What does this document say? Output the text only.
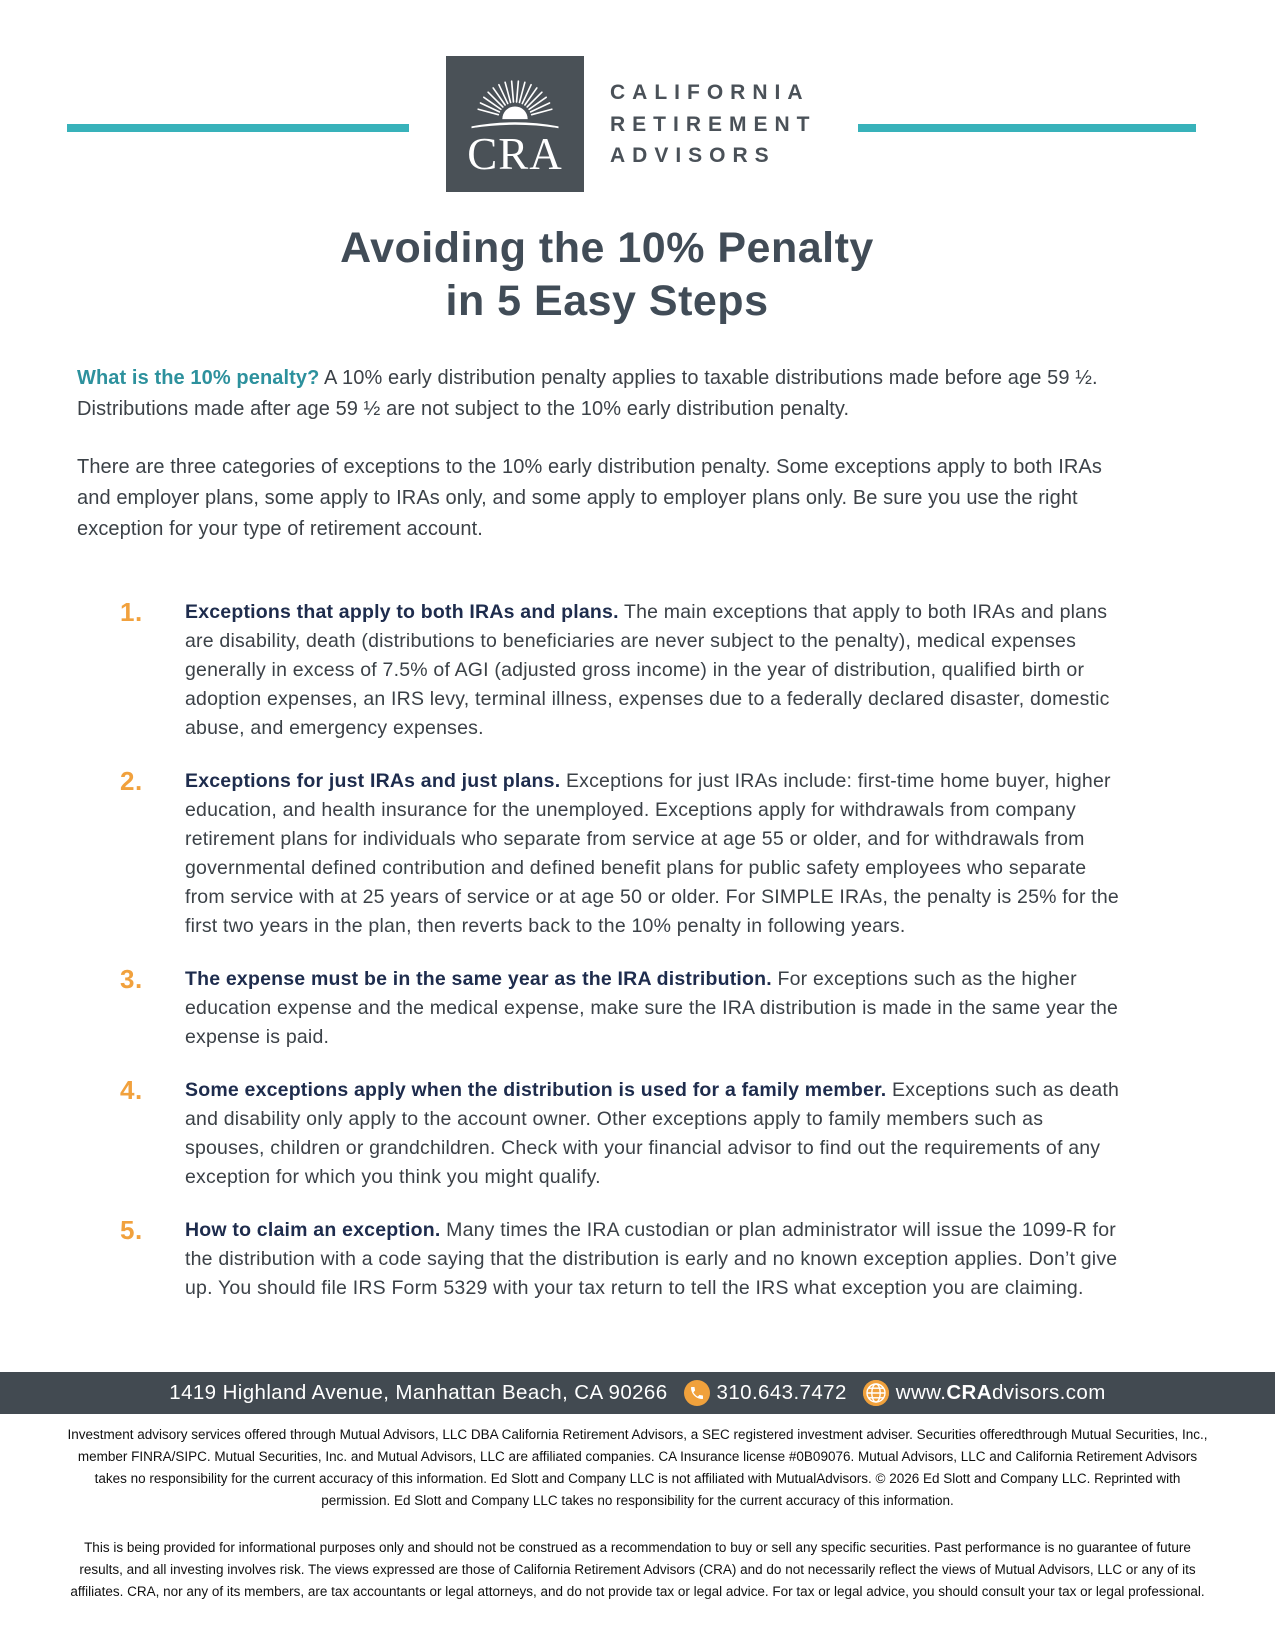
CRA
CALIFORNIA
RETIREMENT
ADVISORS
Avoiding the 10% Penalty
in 5 Easy Steps

What is the 10% penalty? A 10% early distribution penalty applies to taxable distributions made before age 59 ½. Distributions made after age 59 ½ are not subject to the 10% early distribution penalty.

There are three categories of exceptions to the 10% early distribution penalty. Some exceptions apply to both IRAs and employer plans, some apply to IRAs only, and some apply to employer plans only. Be sure you use the right exception for your type of retirement account.

1.	Exceptions that apply to both IRAs and plans. The main exceptions that apply to both IRAs and plans are disability, death (distributions to beneficiaries are never subject to the penalty), medical expenses generally in excess of 7.5% of AGI (adjusted gross income) in the year of distribution, qualified birth or adoption expenses, an IRS levy, terminal illness, expenses due to a federally declared disaster, domestic abuse, and emergency expenses.
2.	Exceptions for just IRAs and just plans. Exceptions for just IRAs include: first-time home buyer, higher education, and health insurance for the unemployed. Exceptions apply for withdrawals from company retirement plans for individuals who separate from service at age 55 or older, and for withdrawals from governmental defined contribution and defined benefit plans for public safety employees who separate from service with at 25 years of service or at age 50 or older. For SIMPLE IRAs, the penalty is 25% for the first two years in the plan, then reverts back to the 10% penalty in following years.
3.	The expense must be in the same year as the IRA distribution. For exceptions such as the higher education expense and the medical expense, make sure the IRA distribution is made in the same year the expense is paid.
4.	Some exceptions apply when the distribution is used for a family member. Exceptions such as death and disability only apply to the account owner. Other exceptions apply to family members such as spouses, children or grandchildren. Check with your financial advisor to find out the requirements of any exception for which you think you might qualify.
5.	How to claim an exception. Many times the IRA custodian or plan administrator will issue the 1099-R for the distribution with a code saying that the distribution is early and no known exception applies. Don’t give up. You should file IRS Form 5329 with your tax return to tell the IRS what exception you are claiming.
1419 Highland Avenue, Manhattan Beach, CA 90266 310.643.7472 www.CRAdvisors.com

Investment advisory services offered through Mutual Advisors, LLC DBA California Retirement Advisors, a SEC registered investment adviser. Securities offeredthrough Mutual Securities, Inc., member FINRA/SIPC. Mutual Securities, Inc. and Mutual Advisors, LLC are affiliated companies. CA Insurance license #0B09076. Mutual Advisors, LLC and California Retirement Advisors takes no responsibility for the current accuracy of this information. Ed Slott and Company LLC is not affiliated with MutualAdvisors. © 2026 Ed Slott and Company LLC. Reprinted with permission. Ed Slott and Company LLC takes no responsibility for the current accuracy of this information.

This is being provided for informational purposes only and should not be construed as a recommendation to buy or sell any specific securities. Past performance is no guarantee of future results, and all investing involves risk. The views expressed are those of California Retirement Advisors (CRA) and do not necessarily reflect the views of Mutual Advisors, LLC or any of its affiliates. CRA, nor any of its members, are tax accountants or legal attorneys, and do not provide tax or legal advice. For tax or legal advice, you should consult your tax or legal professional.
